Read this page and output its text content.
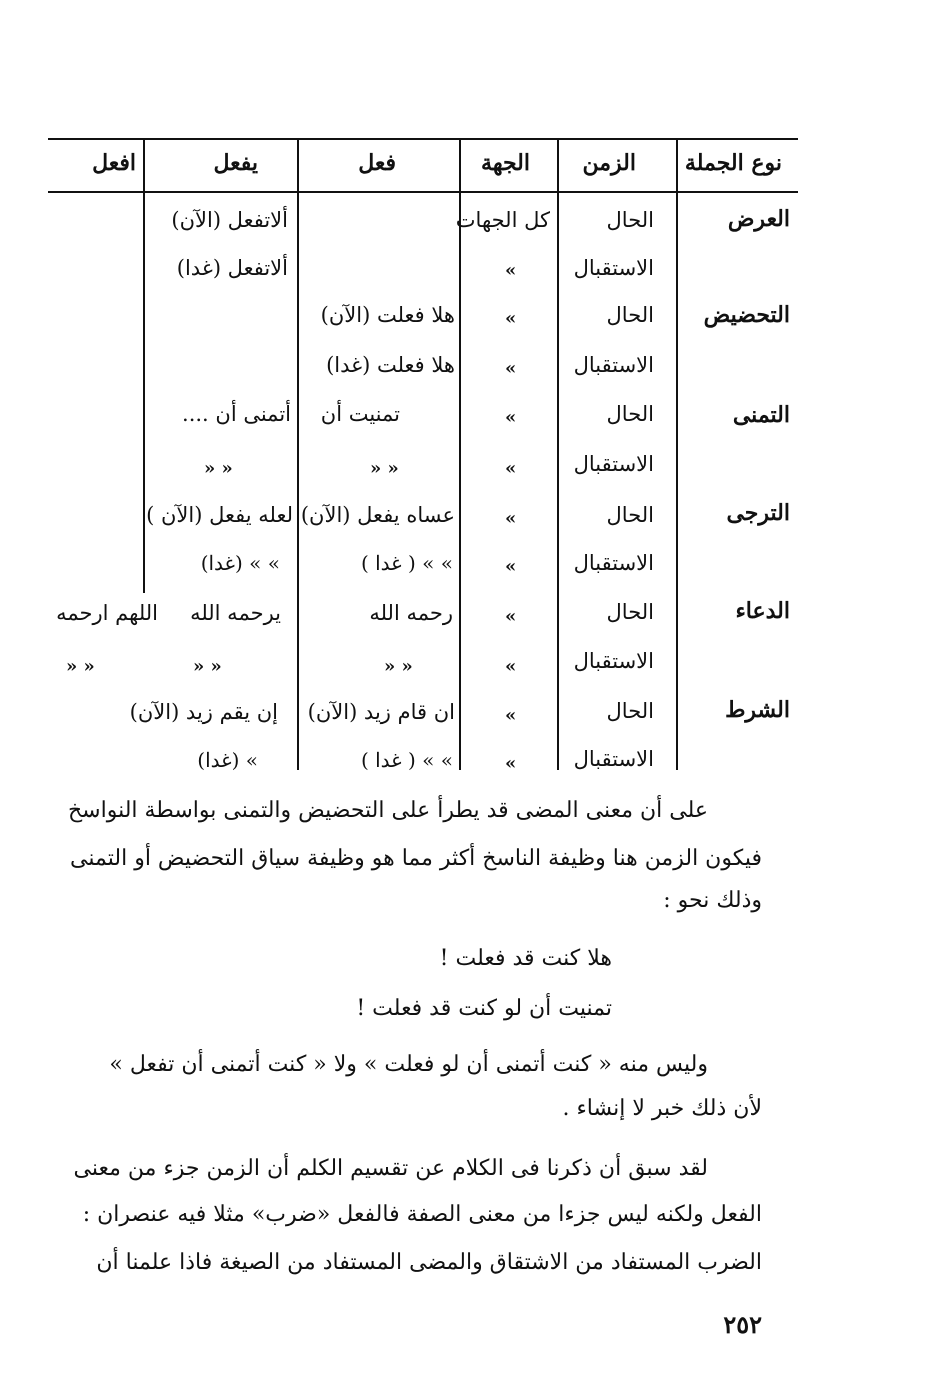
نوع الجملة
الزمن
الجهة
فعل
يفعل
افعل
العرض
الحال
كل الجهات
ألاتفعل (الآن)
الاستقبال
»
ألاتفعل (غدا)
التحضيض
الحال
»
هلا فعلت (الآن)
الاستقبال
»
هلا فعلت (غدا)
التمنى
الحال
»
تمنيت أن
أتمنى أن ....
الاستقبال
»
» »
» »
الترجى
الحال
»
عساه يفعل (الآن)
لعله يفعل (الآن )
الاستقبال
»
» » ( غدا )
» » (غدا)
الدعاء
الحال
»
رحمه الله
يرحمه الله
اللهم ارحمه
الاستقبال
»
» »
» »
» »
الشرط
الحال
»
ان قام زيد (الآن)
إن يقم زيد (الآن)
الاستقبال
»
» » ( غدا )
» (غدا)
على أن معنى المضى قد يطرأ على التحضيض والتمنى بواسطة النواسخ
فيكون الزمن هنا وظيفة الناسخ أكثر مما هو وظيفة سياق التحضيض أو التمنى
وذلك نحو :
هلا كنت قد فعلت !
تمنيت أن لو كنت قد فعلت !
وليس منه « كنت أتمنى أن لو فعلت » ولا « كنت أتمنى أن تفعل »
لأن ذلك خبر لا إنشاء .
لقد سبق أن ذكرنا فى الكلام عن تقسيم الكلم أن الزمن جزء من معنى
الفعل ولكنه ليس جزءا من معنى الصفة فالفعل «ضرب» مثلا فيه عنصران :
الضرب المستفاد من الاشتقاق والمضى المستفاد من الصيغة فاذا علمنا أن
٢٥٢
